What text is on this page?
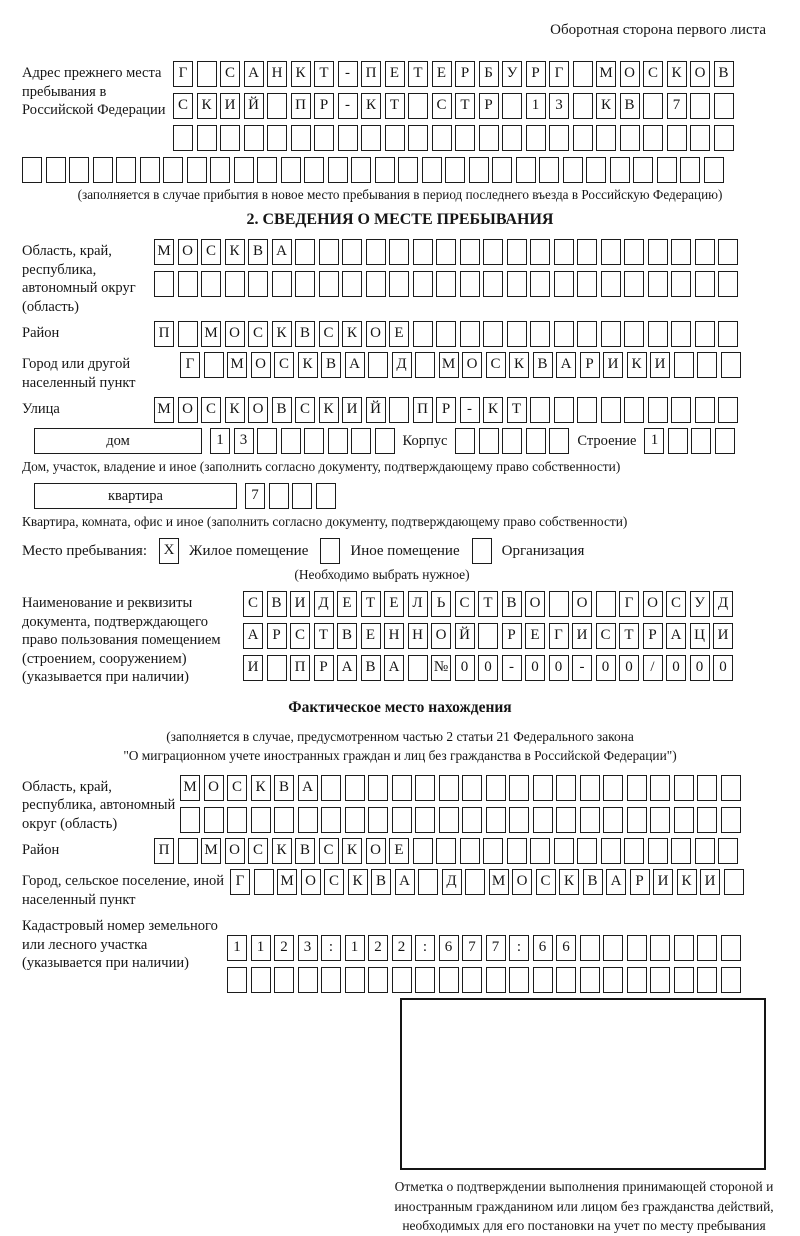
Оборотная сторона первого листа
Адрес прежнего места пребывания в Российской Федерации
Г	С А Н К Т	-	П Е Т Е Р	Б У Р Г	М О С К О В
С К И Й	П Р	-	К Т	С Т Р	1	3	К В	7
(заполняется в случае прибытия в новое место пребывания в период последнего въезда в Российскую Федерацию)
2. СВЕДЕНИЯ О МЕСТЕ ПРЕБЫВАНИЯ
Область, край, республика, автономный округ (область)
М О С К В А
Район	П	М О С К В С К О Е
Город или другой населенный пункт
Г	М О С К В А	Д	М О С К В А Р И К И
Улица	М О С К О В С К И Й	П Р	-	К Т
дом	1	3	Корпус	Строение 1
Дом, участок, владение и иное (заполнить согласно документу, подтверждающему право собственности)
квартира	7
Квартира, комната, офис и иное (заполнить согласно документу, подтверждающему право собственности)
Место пребывания:	X Жилое помещение	Иное помещение	Организация
(Необходимо выбрать нужное)
Наименование и реквизиты документа, подтверждающего право пользования помещением (строением, сооружением) (указывается при наличии)
С В И Д Е Т Е Л Ь С Т В О	О	Г О С У Д
А Р С Т В Е Н Н О Й	Р Е Г И С Т Р А Ц И
И	П Р А В А	№ 0	0	-	0	0	-	0	0	/	0	0	0
Фактическое место нахождения
(заполняется в случае, предусмотренном частью 2 статьи 21 Федерального закона
"О миграционном учете иностранных граждан и лиц без гражданства в Российской Федерации")
Область, край, республика, автономный округ (область)
М О С К В А
Район	П	М О С К В С К О Е
Город, сельское поселение, иной населенный пункт
Г	М О С К В А	Д	М О С К В А Р И К И
Кадастровый номер земельного или лесного участка (указывается при наличии)
1	1	2	3	:	1	2	2	:	6	7	7	:	6	6
Отметка о подтверждении выполнения принимающей стороной и иностранным гражданином или лицом без гражданства действий, необходимых для его постановки на учет по месту пребывания
